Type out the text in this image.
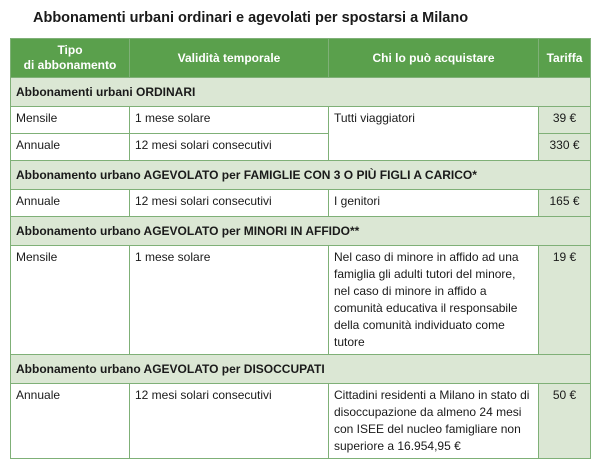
Abbonamenti urbani ordinari e agevolati per spostarsi a Milano
Tipo
di abbonamento	Validità temporale	Chi lo può acquistare	Tariffa
Abbonamenti urbani ORDINARI			
Mensile	1 mese solare	Tutti viaggiatori	39 €
Annuale	12 mesi solari consecutivi		330 €
Abbonamento urbano AGEVOLATO per FAMIGLIE CON 3 O PIÙ FIGLI A CARICO*			
Annuale	12 mesi solari consecutivi	I genitori	165 €
Abbonamento urbano AGEVOLATO per MINORI IN AFFIDO**			
Mensile	1 mese solare	Nel caso di minore in affido ad una famiglia gli adulti tutori del minore, nel caso di minore in affido a comunità educativa il responsabile della comunità individuato come tutore	19 €
Abbonamento urbano AGEVOLATO per DISOCCUPATI			
Annuale	12 mesi solari consecutivi	Cittadini residenti a Milano in stato di disoccupazione da almeno 24 mesi con ISEE del nucleo famigliare non superiore a 16.954,95 €	50 €
